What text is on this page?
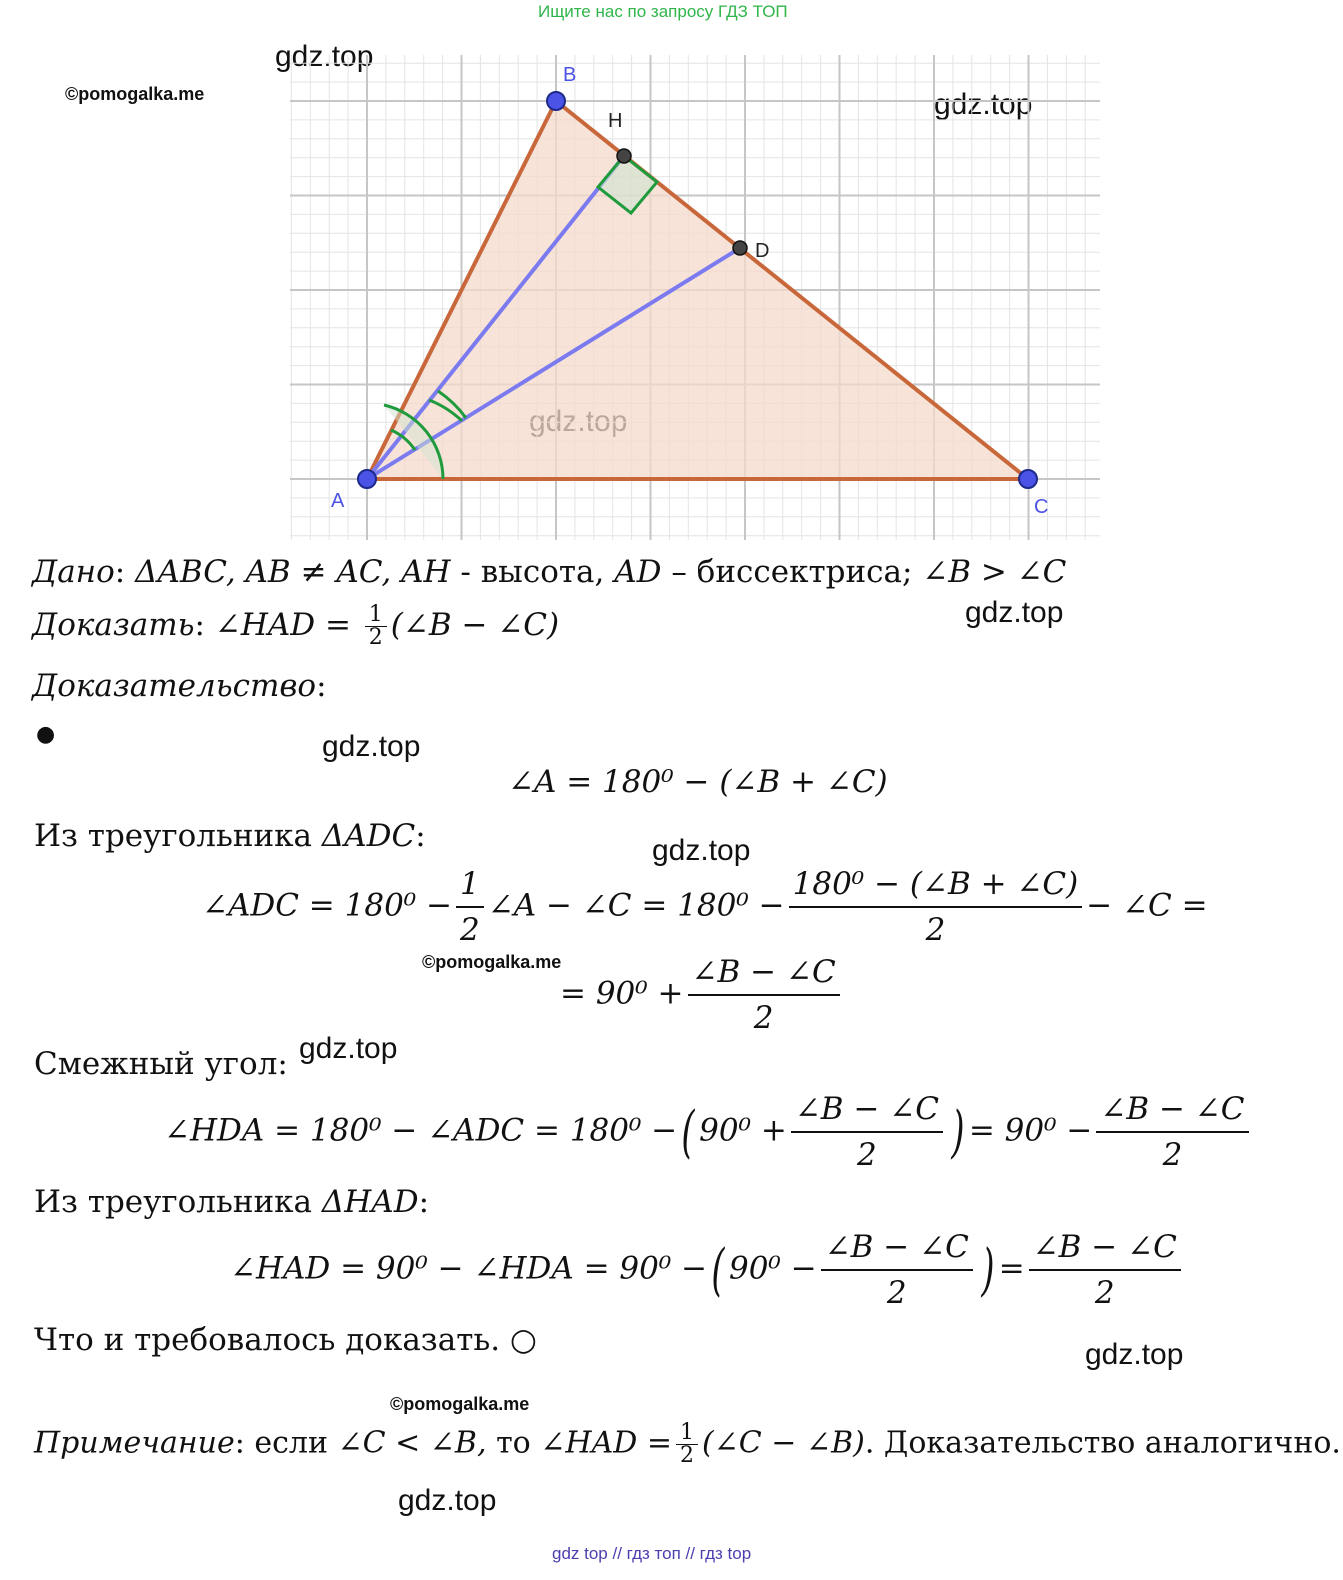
Ищите нас по запросу ГДЗ ТОП
gdz.top
gdz.top
gdz.top
gdz.top
gdz.top
gdz.top
gdz.top
gdz.top
©pomogalka.me
©pomogalka.me
©pomogalka.me
A
B
C
H
D
Дано: ΔABC, AB ≠ AC, AH - высота, AD – биссектриса; ∠B > ∠C
Доказать: ∠HAD = $\frac{1}{2}$ (∠B − ∠C)
Доказательство:
●
∠A = 180⁰ − (∠B + ∠C)
Из треугольника ΔADC:
∠ADC = $180^0 - \frac{1}{2}$ ∠A − ∠C = $180^0 - \frac{\text{180⁰ − (∠B + ∠C)}}{2}$ − ∠C =
= $90^0 + \frac{\angle B - \angle C}{2}$
Смежный угол:
∠HDA = 180⁰ − ∠ADC = 180⁰ −( $90^0 + \frac{\angle B - \angle C}{2}$ ) = $90^0 - \frac{\angle B - \angle C}{2}$
Из треугольника ΔHAD:
∠HAD = 90⁰ − ∠HDA = 90⁰ −( $90^0 - \frac{\angle B - \angle C}{2}$ ) = $\frac{\angle B - \angle C}{2}$
Что и требовалось доказать. ○
Примечание: если ∠C < ∠B, то ∠HAD = $\frac{1}{2}$ (∠C − ∠B). Доказательство аналогично.
gdz top // гдз топ // гдз top
